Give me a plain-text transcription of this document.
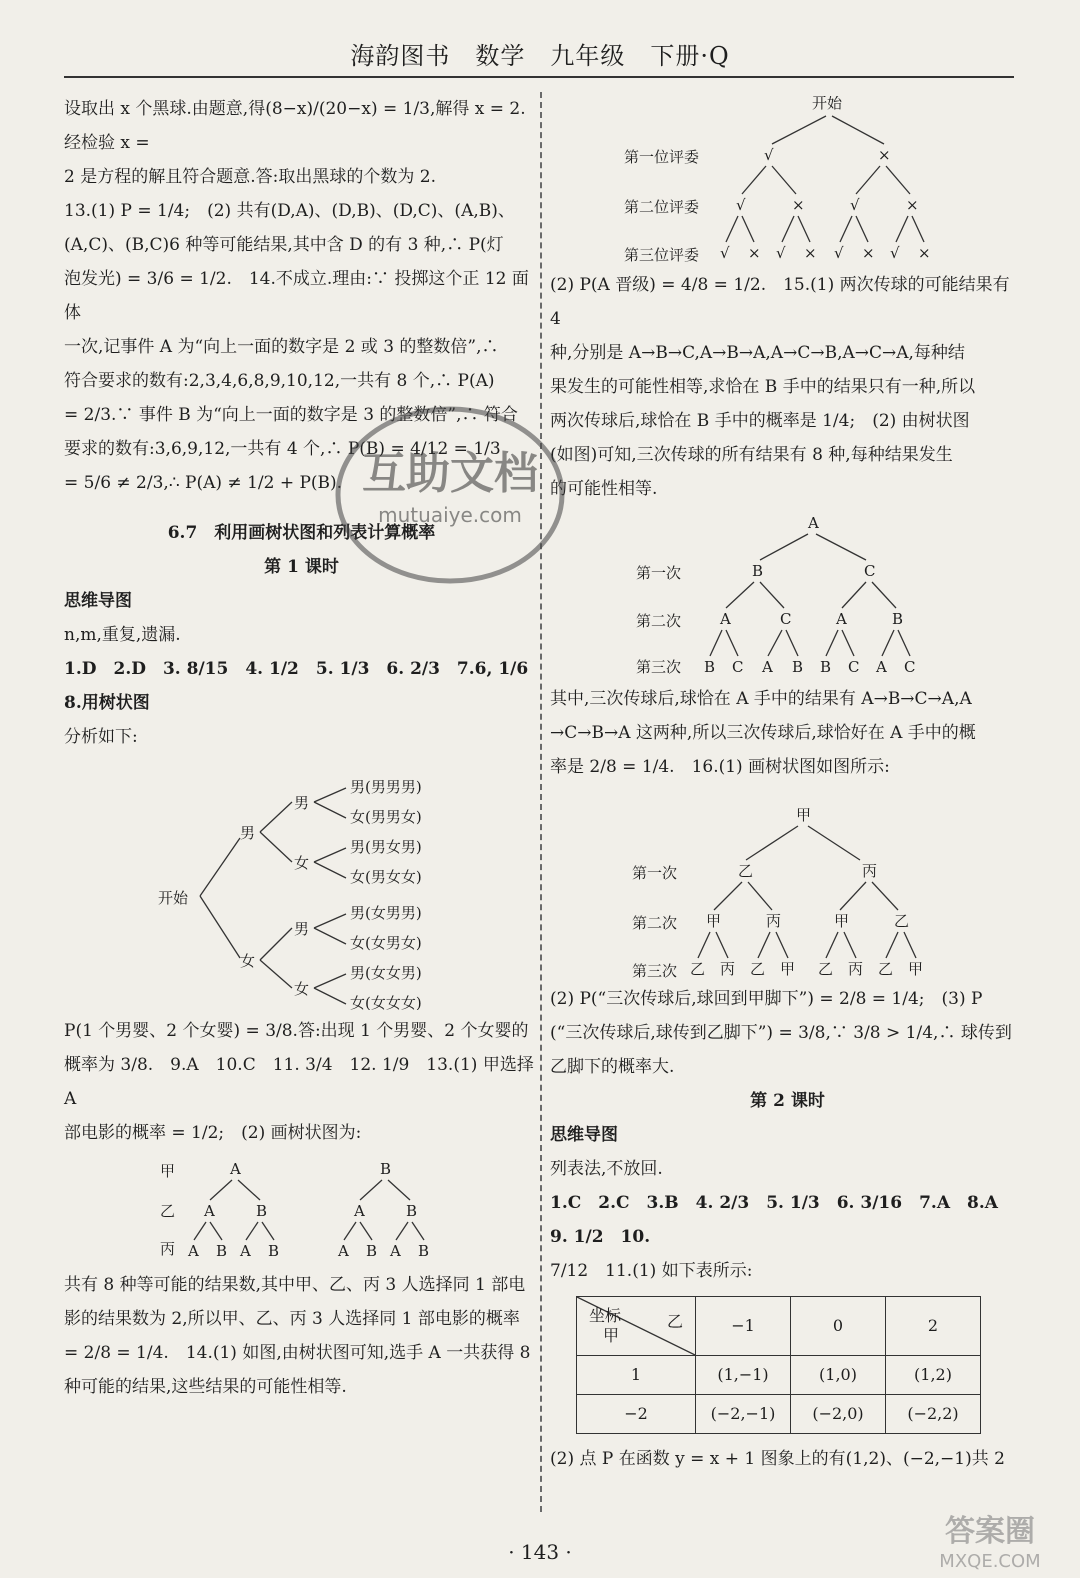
海韵图书　数学　九年级　下册·Q

设取出 x 个黑球.由题意,得(8−x)/(20−x) = 1/3,解得 x = 2.经检验 x =

2 是方程的解且符合题意.答:取出黑球的个数为 2.

13.(1) P = 1/4;　(2) 共有(D,A)、(D,B)、(D,C)、(A,B)、

(A,C)、(B,C)6 种等可能结果,其中含 D 的有 3 种,∴ P(灯

泡发光) = 3/6 = 1/2.　14.不成立.理由:∵ 投掷这个正 12 面体

一次,记事件 A 为“向上一面的数字是 2 或 3 的整数倍”,∴

符合要求的数有:2,3,4,6,8,9,10,12,一共有 8 个,∴ P(A)

= 2/3.∵ 事件 B 为“向上一面的数字是 3 的整数倍”,∴ 符合

要求的数有:3,6,9,12,一共有 4 个,∴ P(B) = 4/12 = 1/3

= 5/6 ≠ 2/3,∴ P(A) ≠ 1/2 + P(B).

6.7　利用画树状图和列表计算概率

第 1 课时

思维导图

n,m,重复,遗漏.

1.D　2.D　3. 8/15　4. 1/2　5. 1/3　6. 2/3　7.6, 1/6　8.用树状图

分析如下:

开始
男
女
男
女
男
女
男(男男男)
女(男男女)
男(男女男)
女(男女女)
男(女男男)
女(女男女)
男(女女男)
女(女女女)

P(1 个男婴、2 个女婴) = 3/8.答:出现 1 个男婴、2 个女婴的

概率为 3/8.　9.A　10.C　11. 3/4　12. 1/9　13.(1) 甲选择 A

部电影的概率 = 1/2;　(2) 画树状图为:

甲
乙
丙
A	B
A	B	A	B
A B A B	A B A B

共有 8 种等可能的结果数,其中甲、乙、丙 3 人选择同 1 部电

影的结果数为 2,所以甲、乙、丙 3 人选择同 1 部电影的概率

= 2/8 = 1/4.　14.(1) 如图,由树状图可知,选手 A 一共获得 8

种可能的结果,这些结果的可能性相等.

开始
第一位评委
第二位评委
第三位评委
√	×
√	×	√	×
√ × √ × √ × √ ×

(2) P(A 晋级) = 4/8 = 1/2.　15.(1) 两次传球的可能结果有 4

种,分别是 A→B→C,A→B→A,A→C→B,A→C→A,每种结

果发生的可能性相等,求恰在 B 手中的结果只有一种,所以

两次传球后,球恰在 B 手中的概率是 1/4;　(2) 由树状图

(如图)可知,三次传球的所有结果有 8 种,每种结果发生

的可能性相等.

A
第一次
第二次
第三次
B	C
A	C	A	B
B C A B B C A C

其中,三次传球后,球恰在 A 手中的结果有 A→B→C→A,A

→C→B→A 这两种,所以三次传球后,球恰好在 A 手中的概

率是 2/8 = 1/4.　16.(1) 画树状图如图所示:

甲
第一次
第二次
第三次
乙	丙
甲	丙	甲	乙
乙 丙 乙 甲 乙 丙 乙 甲

(2) P(“三次传球后,球回到甲脚下”) = 2/8 = 1/4;　(3) P

(“三次传球后,球传到乙脚下”) = 3/8,∵ 3/8 > 1/4,∴ 球传到

乙脚下的概率大.

第 2 课时

思维导图

列表法,不放回.

1.C　2.C　3.B　4. 2/3　5. 1/3　6. 3/16　7.A　8.A　9. 1/2　10.

7/12　11.(1) 如下表所示:

坐标 乙
甲	−1	0	2
1	(1,−1)	(1,0)	(1,2)
−2	(−2,−1)	(−2,0)	(−2,2)

(2) 点 P 在函数 y = x + 1 图象上的有(1,2)、(−2,−1)共 2

互助文档
mutuaiye.com
· 143 ·
答案圈
MXQE.COM
